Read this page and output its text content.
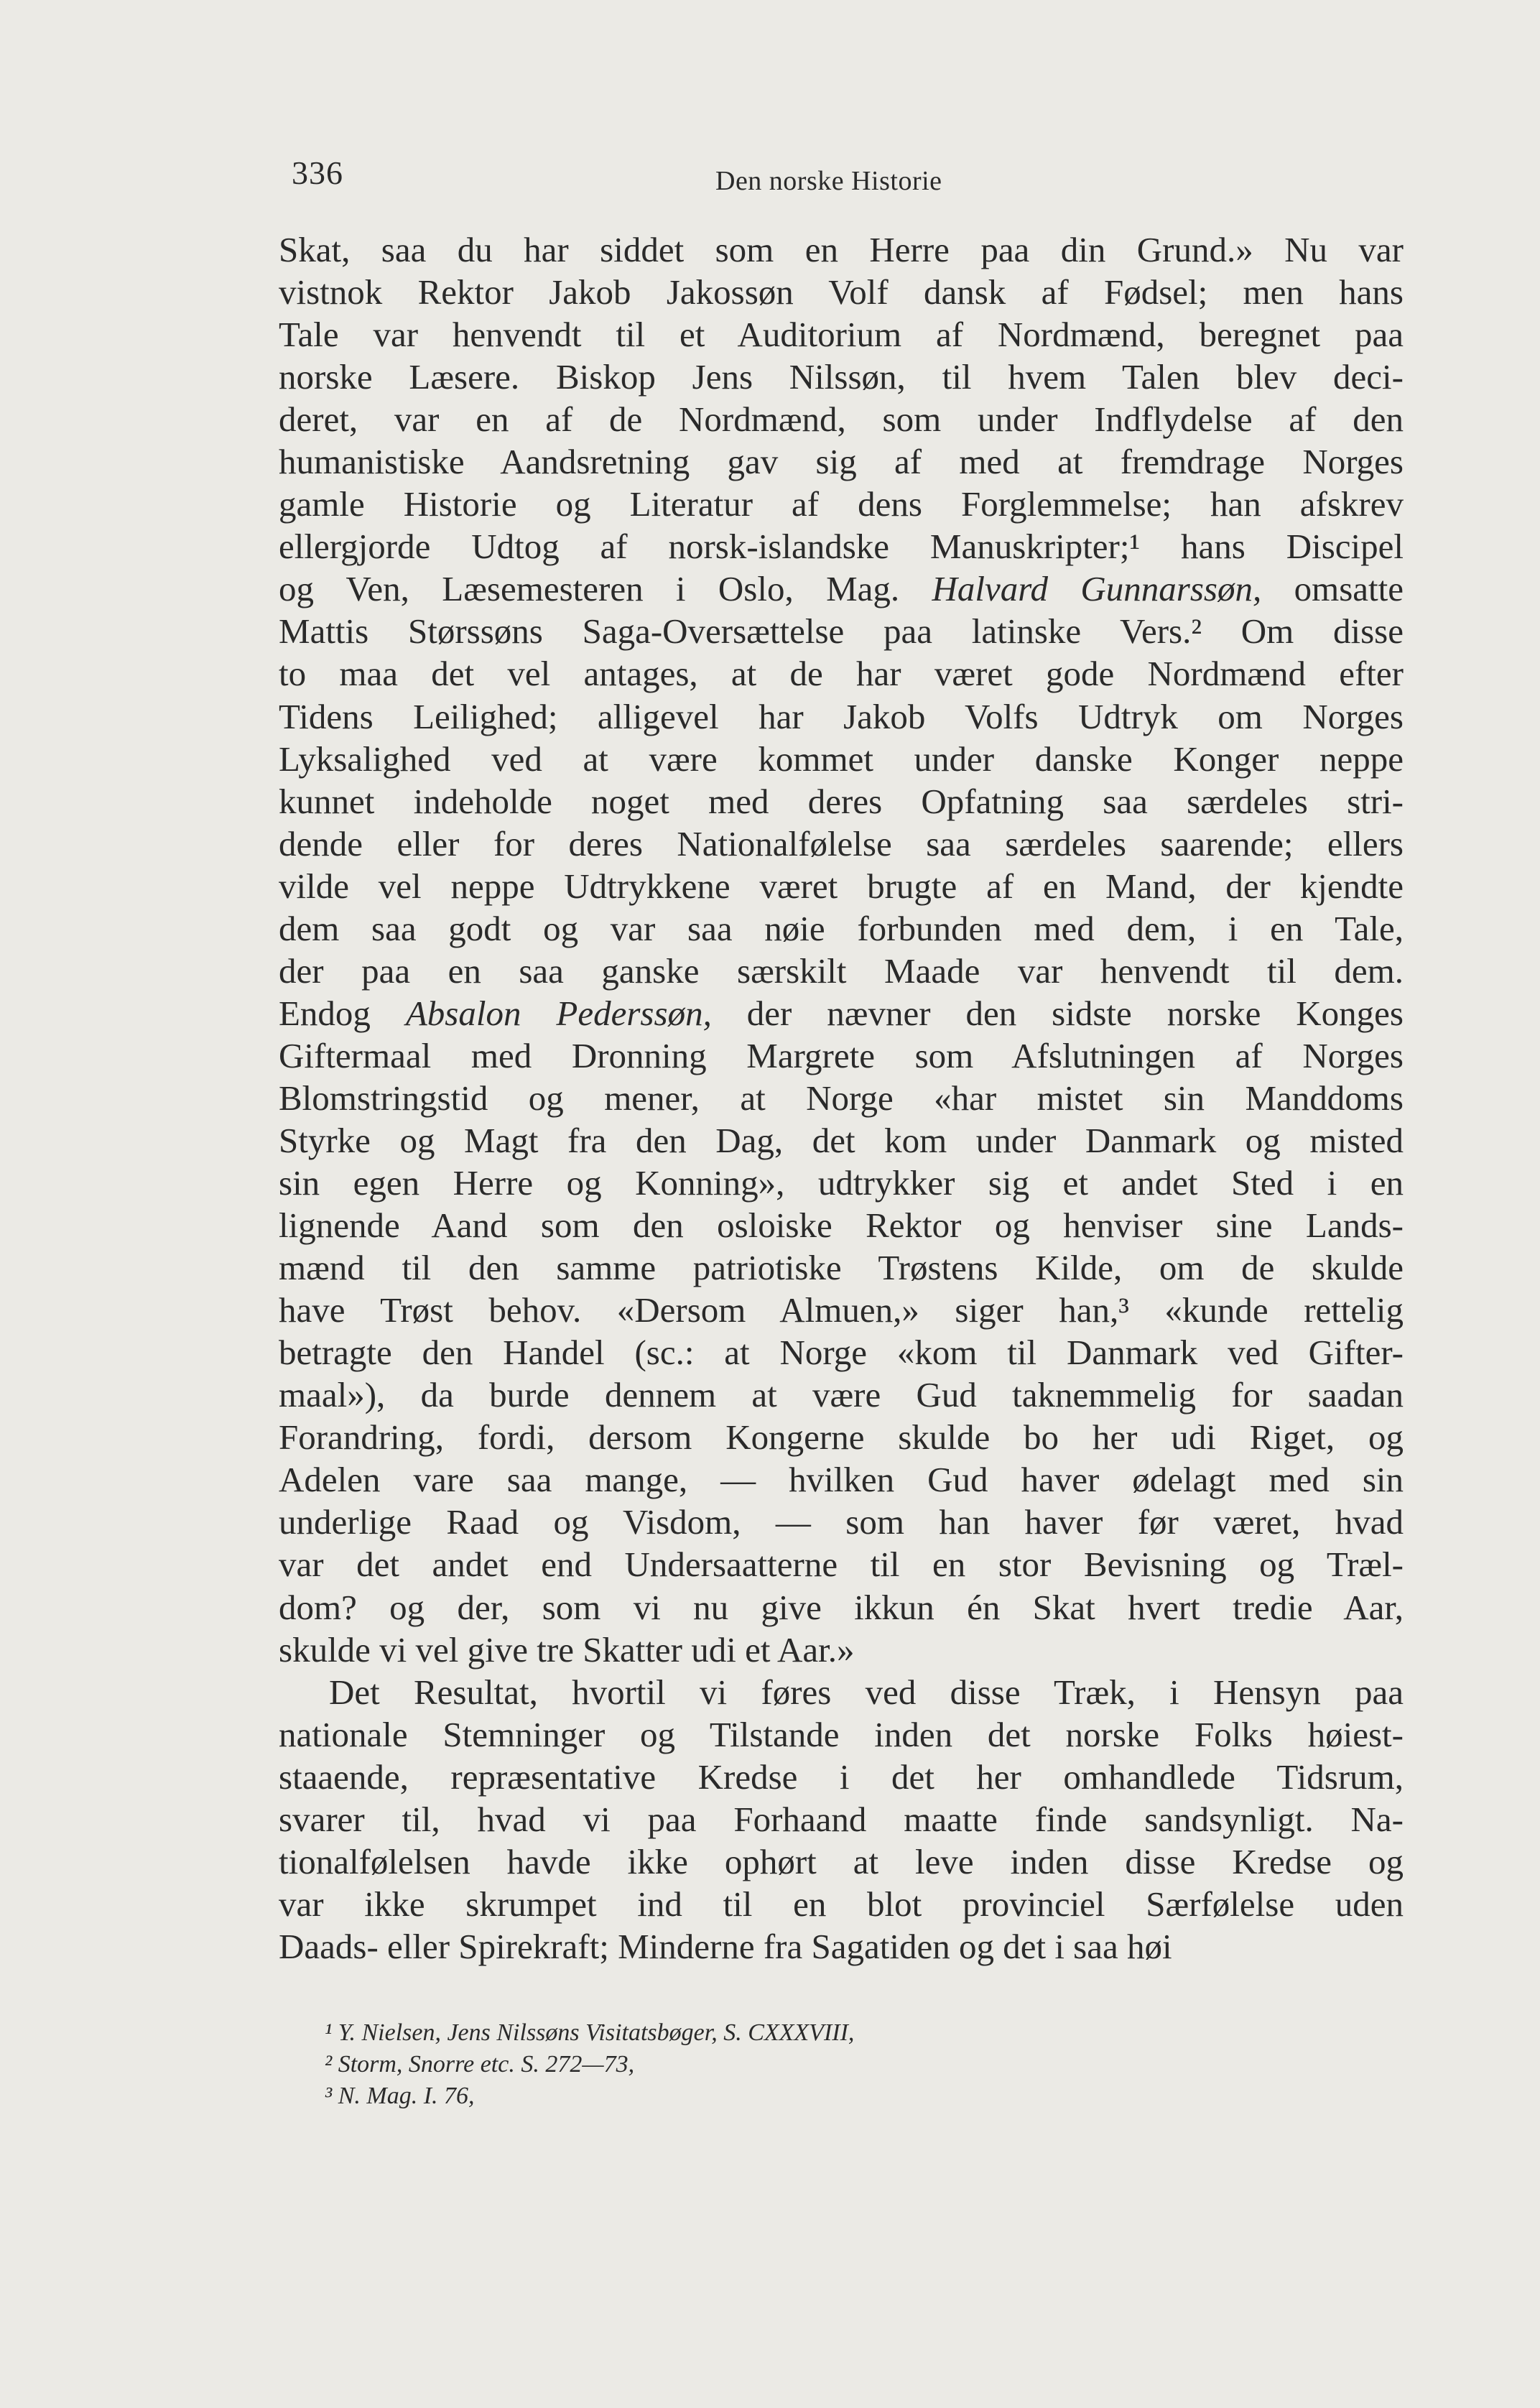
336	Den norske Historie
Skat, saa du har siddet som en Herre paa din Grund.» Nu var
vistnok Rektor Jakob Jakossøn Volf dansk af Fødsel; men hans
Tale var henvendt til et Auditorium af Nordmænd, beregnet paa
norske Læsere. Biskop Jens Nilssøn, til hvem Talen blev deci-
deret, var en af de Nordmænd, som under Indflydelse af den
humanistiske Aandsretning gav sig af med at fremdrage Norges
gamle Historie og Literatur af dens Forglemmelse; han afskrev
ellergjorde Udtog af norsk-islandske Manuskripter;¹ hans Discipel
og Ven, Læsemesteren i Oslo, Mag. Halvard Gunnarssøn, omsatte
Mattis Størssøns Saga-Oversættelse paa latinske Vers.² Om disse
to maa det vel antages, at de har været gode Nordmænd efter
Tidens Leilighed; alligevel har Jakob Volfs Udtryk om Norges
Lyksalighed ved at være kommet under danske Konger neppe
kunnet indeholde noget med deres Opfatning saa særdeles stri-
dende eller for deres Nationalfølelse saa særdeles saarende; ellers
vilde vel neppe Udtrykkene været brugte af en Mand, der kjendte
dem saa godt og var saa nøie forbunden med dem, i en Tale,
der paa en saa ganske særskilt Maade var henvendt til dem.
Endog Absalon Pederssøn, der nævner den sidste norske Konges
Giftermaal med Dronning Margrete som Afslutningen af Norges
Blomstringstid og mener, at Norge «har mistet sin Manddoms
Styrke og Magt fra den Dag, det kom under Danmark og misted
sin egen Herre og Konning», udtrykker sig et andet Sted i en
lignende Aand som den osloiske Rektor og henviser sine Lands-
mænd til den samme patriotiske Trøstens Kilde, om de skulde
have Trøst behov. «Dersom Almuen,» siger han,³ «kunde rettelig
betragte den Handel (sc.: at Norge «kom til Danmark ved Gifter-
maal»), da burde dennem at være Gud taknemmelig for saadan
Forandring, fordi, dersom Kongerne skulde bo her udi Riget, og
Adelen vare saa mange, — hvilken Gud haver ødelagt med sin
underlige Raad og Visdom, — som han haver før været, hvad
var det andet end Undersaatterne til en stor Bevisning og Træl-
dom? og der, som vi nu give ikkun én Skat hvert tredie Aar,
skulde vi vel give tre Skatter udi et Aar.»
Det Resultat, hvortil vi føres ved disse Træk, i Hensyn paa
nationale Stemninger og Tilstande inden det norske Folks høiest-
staaende, repræsentative Kredse i det her omhandlede Tidsrum,
svarer til, hvad vi paa Forhaand maatte finde sandsynligt. Na-
tionalfølelsen havde ikke ophørt at leve inden disse Kredse og
var ikke skrumpet ind til en blot provinciel Særfølelse uden
Daads- eller Spirekraft; Minderne fra Sagatiden og det i saa høi
¹ Y. Nielsen, Jens Nilssøns Visitatsbøger, S. CXXXVIII,
² Storm, Snorre etc. S. 272—73,
³ N. Mag. I. 76,
